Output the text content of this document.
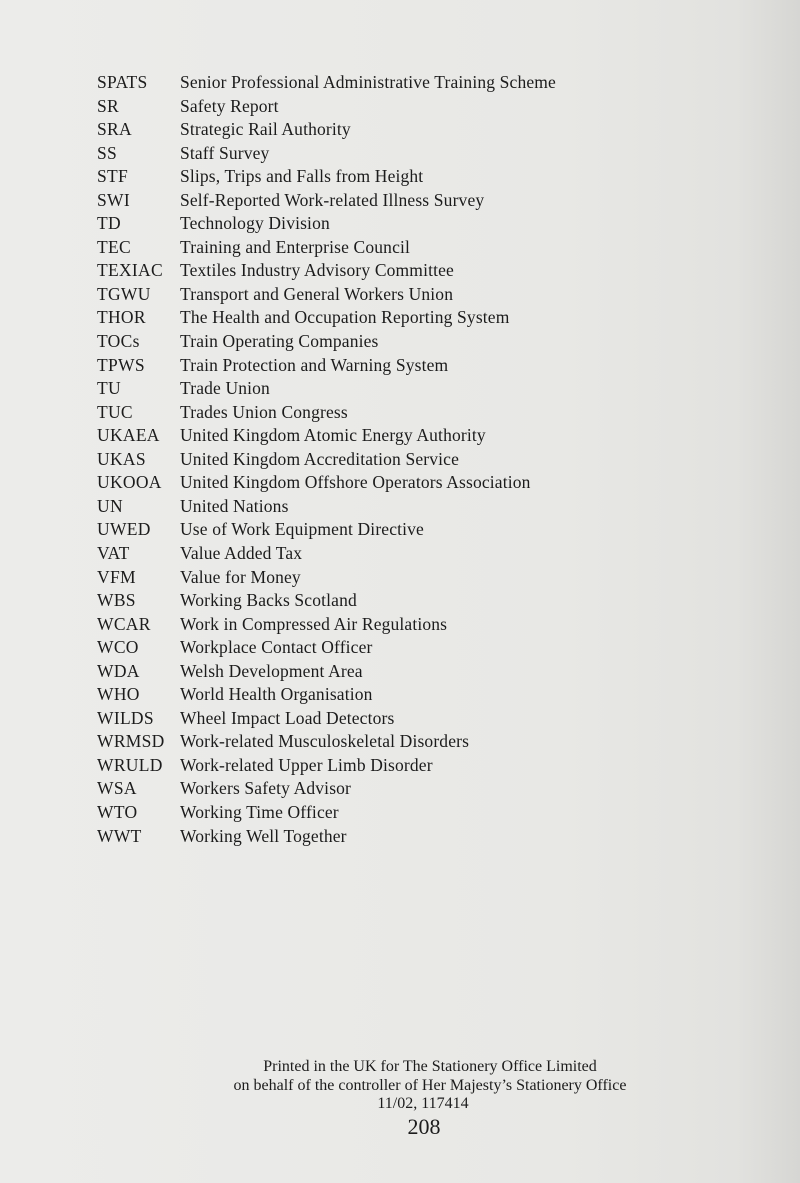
SPATS	Senior Professional Administrative Training Scheme
SR	Safety Report
SRA	Strategic Rail Authority
SS	Staff Survey
STF	Slips, Trips and Falls from Height
SWI	Self-Reported Work-related Illness Survey
TD	Technology Division
TEC	Training and Enterprise Council
TEXIAC Textiles Industry Advisory Committee
TGWU	Transport and General Workers Union
THOR	The Health and Occupation Reporting System
TOCs	Train Operating Companies
TPWS	Train Protection and Warning System
TU	Trade Union
TUC	Trades Union Congress
UKAEA	United Kingdom Atomic Energy Authority
UKAS	United Kingdom Accreditation Service
UKOOA	United Kingdom Offshore Operators Association
UN	United Nations
UWED	Use of Work Equipment Directive
VAT	Value Added Tax
VFM	Value for Money
WBS	Working Backs Scotland
WCAR	Work in Compressed Air Regulations
WCO	Workplace Contact Officer
WDA	Welsh Development Area
WHO	World Health Organisation
WILDS	Wheel Impact Load Detectors
WRMSD Work-related Musculoskeletal Disorders
WRULD Work-related Upper Limb Disorder
WSA	Workers Safety Advisor
WTO	Working Time Officer
WWT	Working Well Together
Printed in the UK for The Stationery Office Limited
on behalf of the controller of Her Majesty’s Stationery Office
11/02, 117414
208
